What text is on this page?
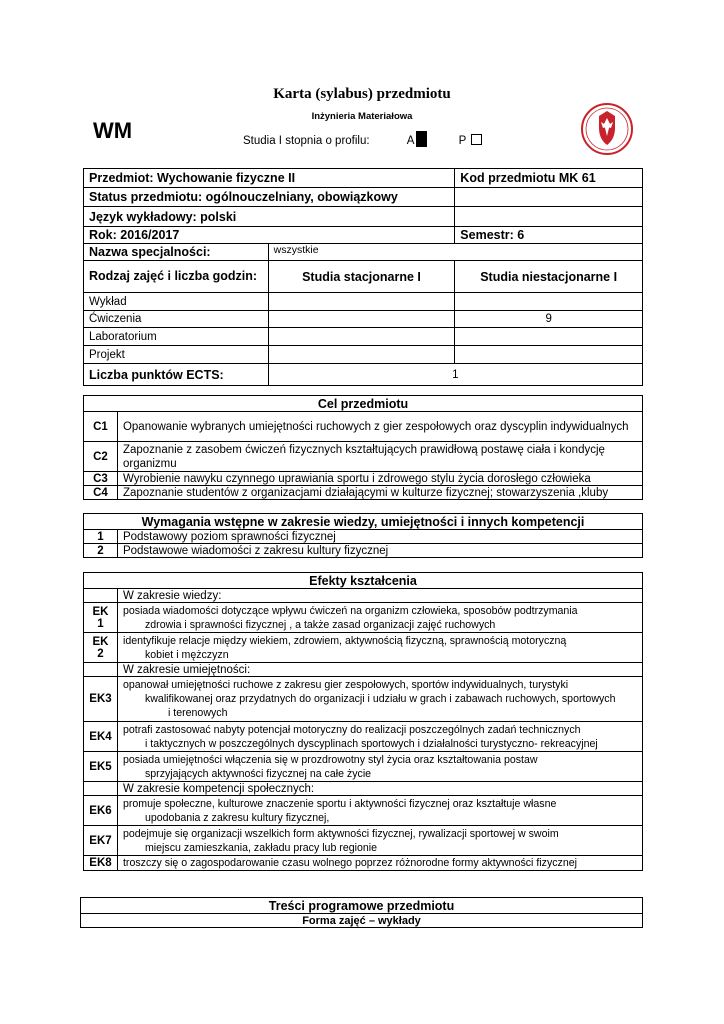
WM
Karta (sylabus) przedmiotu
Inżynieria Materiałowa
Studia I stopnia o profilu:	A	P
Przedmiot: Wychowanie fizyczne II		Kod przedmiotu MK 61
Status przedmiotu: ogólnouczelniany, obowiązkowy		
Język wykładowy: polski		
Rok: 2016/2017		Semestr: 6
Nazwa specjalności:	wszystkie	
Rodzaj zajęć i liczba godzin:	Studia stacjonarne I	Studia niestacjonarne I
Wykład		
Ćwiczenia		9
Laboratorium		
Projekt		
Liczba punktów ECTS:	1	
Cel przedmiotu	
C1	Opanowanie wybranych umiejętności ruchowych z gier zespołowych oraz dyscyplin indywidualnych
C2	Zapoznanie z zasobem ćwiczeń fizycznych kształtujących prawidłową postawę ciała i kondycję organizmu
C3	Wyrobienie nawyku czynnego uprawiania sportu i zdrowego stylu życia dorosłego człowieka
C4	Zapoznanie studentów z organizacjami działającymi w kulturze fizycznej; stowarzyszenia ,kluby
Wymagania wstępne w zakresie wiedzy, umiejętności i innych kompetencji	
1	Podstawowy poziom sprawności fizycznej
2	Podstawowe wiadomości z zakresu kultury fizycznej
Efekty kształcenia	
	W zakresie wiedzy:
EK 1	posiada wiadomości dotyczące wpływu ćwiczeń na organizm człowieka, sposobów podtrzymania
zdrowia i sprawności fizycznej , a także zasad organizacji zajęć ruchowych

EK 2	identyfikuje relacje między wiekiem, zdrowiem, aktywnością fizyczną, sprawnością motoryczną
kobiet i mężczyzn

	W zakresie umiejętności:
EK3	opanował umiejętności ruchowe z zakresu gier zespołowych, sportów indywidualnych, turystyki
kwalifikowanej oraz przydatnych do organizacji i udziału w grach i zabawach ruchowych, sportowych
i terenowych

EK4	potrafi zastosować nabyty potencjał motoryczny do realizacji poszczególnych zadań technicznych
i taktycznych w poszczególnych dyscyplinach sportowych i działalności turystyczno- rekreacyjnej

EK5	posiada umiejętności włączenia się w prozdrowotny styl życia oraz kształtowania postaw
sprzyjających aktywności fizycznej na całe życie

	W zakresie kompetencji społecznych:
EK6	promuje społeczne, kulturowe znaczenie sportu i aktywności fizycznej oraz kształtuje własne
upodobania z zakresu kultury fizycznej,

EK7	podejmuje się organizacji wszelkich form aktywności fizycznej, rywalizacji sportowej w swoim
miejscu zamieszkania, zakładu pracy lub regionie

EK8	troszczy się o zagospodarowanie czasu wolnego poprzez różnorodne formy aktywności fizycznej
Treści programowe przedmiotu
Forma zajęć – wykłady
